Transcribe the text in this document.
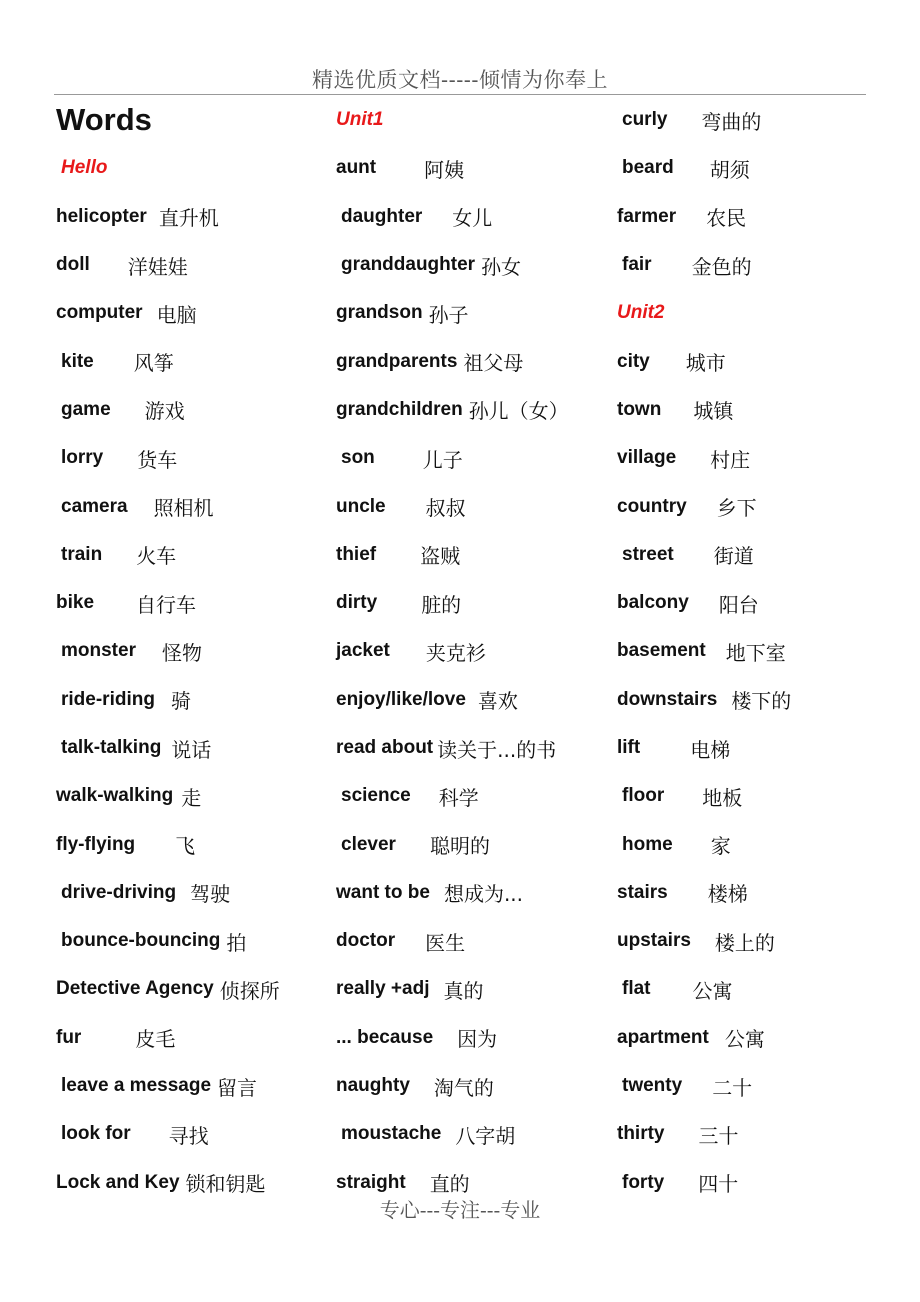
精选优质文档-----倾情为你奉上
Words
Hello
helicopter 直升机
doll 洋娃娃
computer 电脑
kite 风筝
game 游戏
lorry 货车
camera 照相机
train 火车
bike 自行车
monster 怪物
ride-riding 骑
talk-talking 说话
walk-walking 走
fly-flying 飞
drive-driving 驾驶
bounce-bouncing 拍
Detective Agency 侦探所
fur	皮毛
leave a message 留言
look for 寻找
Lock and Key 锁和钥匙
Unit1
aunt 阿姨
daughter 女儿
granddaughter 孙女
grandson 孙子
grandparents 祖父母
grandchildren 孙儿（女）
son 儿子
uncle 叔叔
thief 盗贼
dirty 脏的
jacket 夹克衫
enjoy/like/love 喜欢
read about 读关于...的书
science 科学
clever 聪明的
want to be 想成为...
doctor 医生
really +adj 真的
... because 因为
naughty 淘气的
moustache 八字胡
straight 直的
curly 弯曲的
beard 胡须
farmer 农民
fair 金色的
Unit2
city 城市
town 城镇
village 村庄
country 乡下
street 街道
balcony 阳台
basement 地下室
downstairs 楼下的
lift	电梯
floor 地板
home 家
stairs 楼梯
upstairs 楼上的
flat 公寓
apartment 公寓
twenty 二十
thirty 三十
forty 四十
专心---专注---专业
